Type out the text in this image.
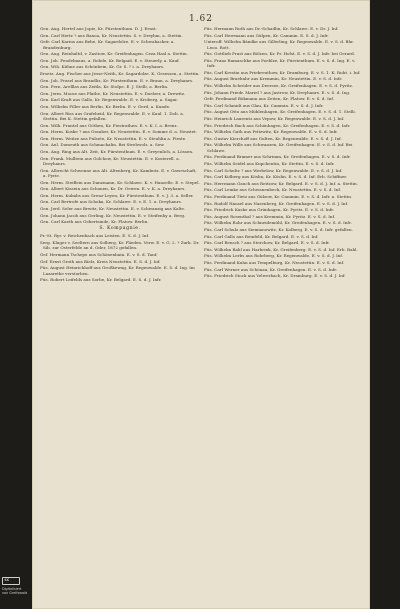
1.62
Gen. Aug. Hertel aus Jopie, Kr. Fürstenthum. D. J. Ernst.
Gen. Carl Hertz ? aus Banoa, Kr. Neustettin. S. v. Dreyhm, a. Stettin.
Gefr. Carl Karins aus Behe, Kr. Sagardolze. E. v. Schwahacker, a. Brandenburg.
Gen. Aug. Reinhaltd, v. Zastiow, Kr. Greifenhagen. Ceza Hasl a. Stettin.
Gen. Joh. Fendelmaus, a. Rohde, Kr. Belgaid. E. v. Steuerly, a. Kauf.
Gen. Wih. Kühne aus Schönbein, Kr. Gr. S. ? i. a. Dreyhanrs.
Ersetz. Aug. Fischer aus Jesse-Neith, Kr. Sagardolze. K. Gesessen, a. Stettin.
Gen. Joh. Frasel aus Brandliz, Kr. Fürstenthum. E. v. Braun, a. Dreyhanrs.
Gen. Fern. Arelllas aus Zeitla, Kr. Stolpe. E. J. Stelli, a. Berlin.
Gen. Jerm. Moose aus Plathe, Kr. Neustettin. E. v. Doelzer, a. Drewitz.
Gen. Karl Kraft aus Gallo, Kr. Regenwalde. E. v. Kroberg, a. Sagar.
Gen. Wilhelm Filler aus Berlin, Kr. Berlin. E. v. Gerd, a. Kunde.
Gen. Albert Riss aus Grafeheid, Kr. Regenwalde. E. v. Kaul. 1. Dob. a. Stettin. Bei K. Stettin gefallen.
Gen. Wilh. Frantel aus Göthen, Kr. Fiestrathen. E. v. K. I. a. Brenz.
Gen. Herm. Koske ? aus Grauber, Kr. Neustettin. E. v. Somme d. a. Neustet.
Gen. Herm. Weitze aus Pulsete, Kr. Neustettin. E. v. Steuhlin a. Fieste.
Gen. Aul. Domeuth aus Schmachalin. Bei Strehwolz. a. Sew.
Gen. Aug. Ring aus Alt. Zeit, Kr. Fürstenthum. E. v. Greyenlich, a. Lössen.
Gen. Frank. Mulltein aus Golchow, Kr. Neustettin. E. v. Kosterell. a. Dreyhanrs.
Gen. Albrecht Schwenne aus Alt. Altenberg, Kr. Kambutz. E. v. Gaweschaft, a. Pyrie.
Gen. Herm. Steiflein aus Danzmann, Kr. Schlawe. K. v. Hanzelle. E. v. Stepel.
Gen. Albert Kissein aus Schonen, Kr. Dr. Gewen. E. v. K. a. Dreyhanrs.
Gen. Herm. Kulmbs aus Grenz-Leyen, Kr. Fürstenthum. E. v. J. 3. a. Seller.
Gen. Carl Bertrofe aus Schoka, Kr. Schlawe. E. v. E. 1. a. Dreyhanrs.
Gen. Jerd. Seler aus Brwitz, Kr. Neustettin. E. v. Schwanzig aus Kalte.
Gen. Johann Jacob aus Gerling, Kr. Neustettin. E. v. Steifenhy a. Berg.
Gen. Carl Kaeth aus Gebertsinde, Kr. Flatow. Berlin.
S. Kompagnie.
Pr.-St. Ryr. v. Reichenbach aus Leisten. E. S. d. J. Inf.
Serg. Kluger v. Seeltern aus Solberg, Kr. Flieden. Verw. E. v. G. 2. ? Zurk. Dr. Sib. zur Osterfelde an d. Oder, 1872 gefallen.
Gef. Hermann Tschepe aus Schönenhain. E. v. S. d. Tanf.
Gef. Ernst Groth aus Bielz, Kreis Neustettin. E. S. d. J. Inf.
Füs. August Heinrichhoff aus Großkewag, Kr. Regenwalde. E. S. d. Ing. Im Lazarethe verstorben.
Füs. Robert Leifelds aus Sorbe, Kr. Belgard. E. S. d. J. Infr.
Füs. Hermann Ruth aus Dr.-Schadlin, Kr. Schlawe. E. v. Dr. J. Inf.
Füs. Carl Herrmann aus Gülpen, Kr. Cammin. E. S. d. J. Infr.
Unteroff. Wilhelm Bändke aus Gillerling, Kr. Regenwalde. E. v. S. d. Bhr. Leoo. Rott.
Füs. Gottlieb Prast aus Bölzen, Kr. Pr. Holst. E. v. S. d. J. Infr. bei Gerard.
Füs. Franz Ramaschke aus Poehlze, Kr. Fürstenthum. E. v. S. d. Ing. E. v. Infr.
Füs. Carl Krestin aus Priebreuthow, Kr. Dramburg. E. v. S. 1. K. Ruht. i. Inf.
Füs. August Braehnhr aus Kremmin, Kr. Neustettin. E. v. S. d. Infr.
Füs. Wilhelm Schröder aus Deersee, Kr. Greifenhagen. E. v. S. d. Pyritz.
Füs. Johann Friedr. Mariel ? aus Jastrow, Kr. Dreyhanrs. E. v. S. d. Ing.
Gefr. Ferdinand Bökmann aus Zeiten, Kr. Flatow. E. v. S. d. Inf.
Füs. Carl Schmidt aus Glau, Kr. Cammin. E. v. S. d. J. Infr.
Füs. August Otto aus Mühlenhagen, Kr. Greifenhagen. E. v. S. d. 1. Stelli.
Füs. Heinrich Laurentz aus Vepow, Kr. Regenwalde. E. v. S. d. J. Inf.
Füs. Friedrich Bach aus Schönhagen, Kr. Greifenhagen. E. v. S. d. Infr.
Füs. Wilhelm Guth aus Pritzwitz, Kr. Regenwalde. E. v. S. d. Infr.
Füs. Gustav Kierchoff aus Gulten, Kr. Regenwalde. E. v. S. d. J. Inf.
Füs. Wilhelm Wille aus Schwanzen, Kr. Greifenhagen. E. v. S. d. Inf. Bei Schlawe.
Füs. Ferdinand Bramer aus Schrimm, Kr. Greifenhagen. E. v. S. d. Infr.
Füs. Wilhelm Seidel aus Kupchentin, Kr. Stettin. E. v. S. d. Infr.
Füs. Carl Schultz ? aus Werbelow, Kr. Regenwalde. E. v. S. d. J. Inf.
Füs. Carl Kolberg aus Köslin, Kr. Köslin. E. v. S. d. Inf. Erb. Schiffner.
Füs. Herrmann Gauch aus Reitzow, Kr. Belgard. E. v. S. d. J. Inf. a. Stettin.
Füs. Carl Lemke aus Schwanenbeck, Kr. Neustettin. E. v. S. d. Inf.
Füs. Ferdinand Tietz aus Gülzow, Kr. Cammin. E. v. S. d. Infr. a. Stettin.
Füs. Rudolf Hausel aus Nasenberg, Kr. Greifenhagen. E. v. S. d. J. Inf.
Füs. Friedrich Kuske aus Grünhagen, Kr. Pyritz. E. v. S. d. Infr.
Füs. August Rosenthal ? aus Kremmin, Kr. Pyritz. E. v. S. d. Inf.
Füs. Wilhelm Rohr aus Schneidemühl, Kr. Greifenhagen. E. v. S. d. Infr.
Füs. Carl Schulz aus Siemianowitz, Kr. Kolberg. E. v. S. d. Infr. gefallen.
Füs. Carl Gallo aus Reinfeld, Kr. Belgard. E. v. S. d. Inf.
Füs. Carl Rensch ? aus Sterchow, Kr. Belgard. E. v. S. d. Infr.
Füs. Wilhelm Bahl aus Harbrink, Kr. Greifenberg. E. v. S. d. Inf. Erb. Bahl.
Füs. Wilhelm Lerbs aus Rohrberg, Kr. Regenwalde. E. v. S. d. J. Inf.
Füs. Ferdinand Kuhn aus Tempelburg, Kr. Neustettin. E. v. S. d. Inf.
Füs. Carl Werner aus Schönau, Kr. Greifenhagen. E. v. S. d. Infr.
Füs. Friedrich Stock aus Velwerbach, Kr. Dramburg. E. v. S. d. J. Inf.
cc
Digitalisiert
von Greifswald
